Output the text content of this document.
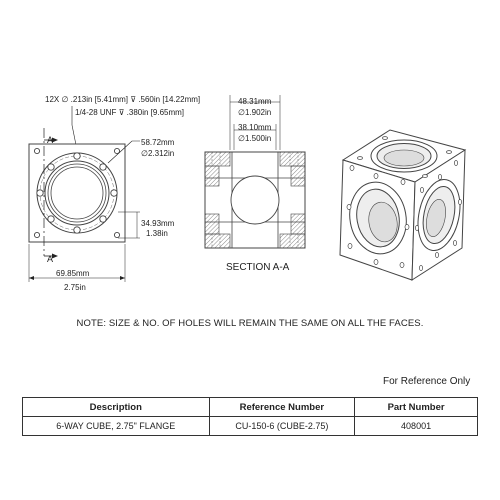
12X ∅ .213in [5.41mm] ⊽ .560in [14.22mm]
1/4-28 UNF ⊽ .380in [9.65mm]
A
A
58.72mm
∅2.312in
34.93mm
1.38in
69.85mm
2.75in
48.31mm
∅1.902in
38.10mm
∅1.500in
SECTION A-A
NOTE: SIZE & NO. OF HOLES WILL REMAIN THE SAME ON ALL THE FACES.
For Reference Only
Description	Reference Number	Part Number
6-WAY CUBE, 2.75" FLANGE	CU-150-6 (CUBE-2.75)	408001
